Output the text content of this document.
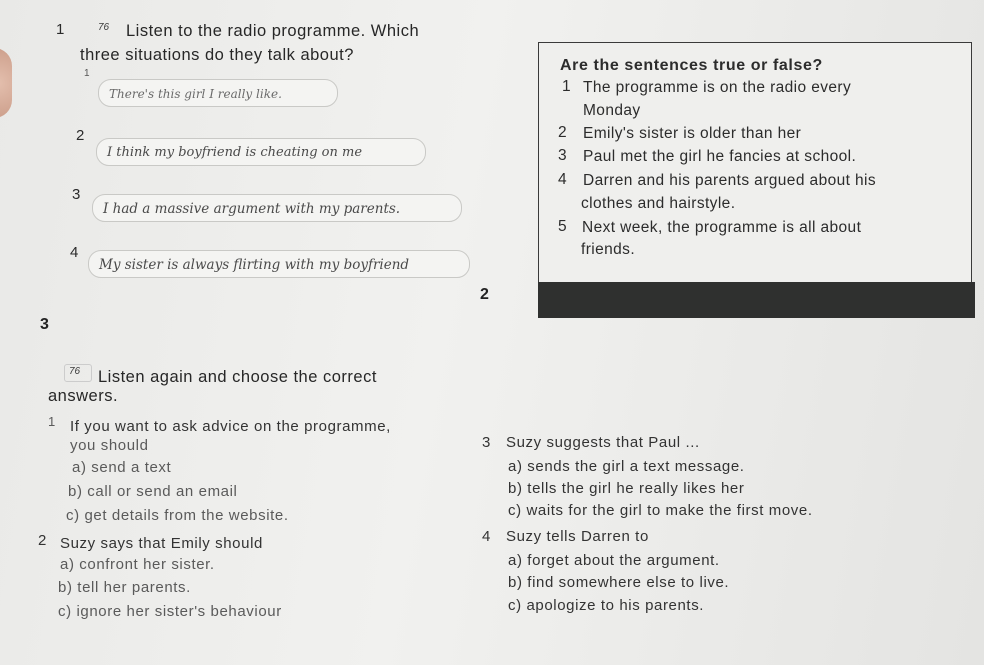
1	76 Listen to the radio programme. Which
three situations do they talk about?
1
There's this girl I really like.
2
I think my boyfriend is cheating on me
3
I had a massive argument with my parents.
4
My sister is always flirting with my boyfriend
2
Are the sentences true or false?
1 The programme is on the radio every
Monday
2 Emily's sister is older than her
3 Paul met the girl he fancies at school.
4 Darren and his parents argued about his
clothes and hairstyle.
5 Next week, the programme is all about
friends.
3
76 Listen again and choose the correct
answers.
1 If you want to ask advice on the programme,
you should
a) send a text
b) call or send an email
c) get details from the website.
2 Suzy says that Emily should
a) confront her sister.
b) tell her parents.
c) ignore her sister's behaviour
3 Suzy suggests that Paul ...
a) sends the girl a text message.
b) tells the girl he really likes her
c) waits for the girl to make the first move.
4 Suzy tells Darren to
a) forget about the argument.
b) find somewhere else to live.
c) apologize to his parents.
